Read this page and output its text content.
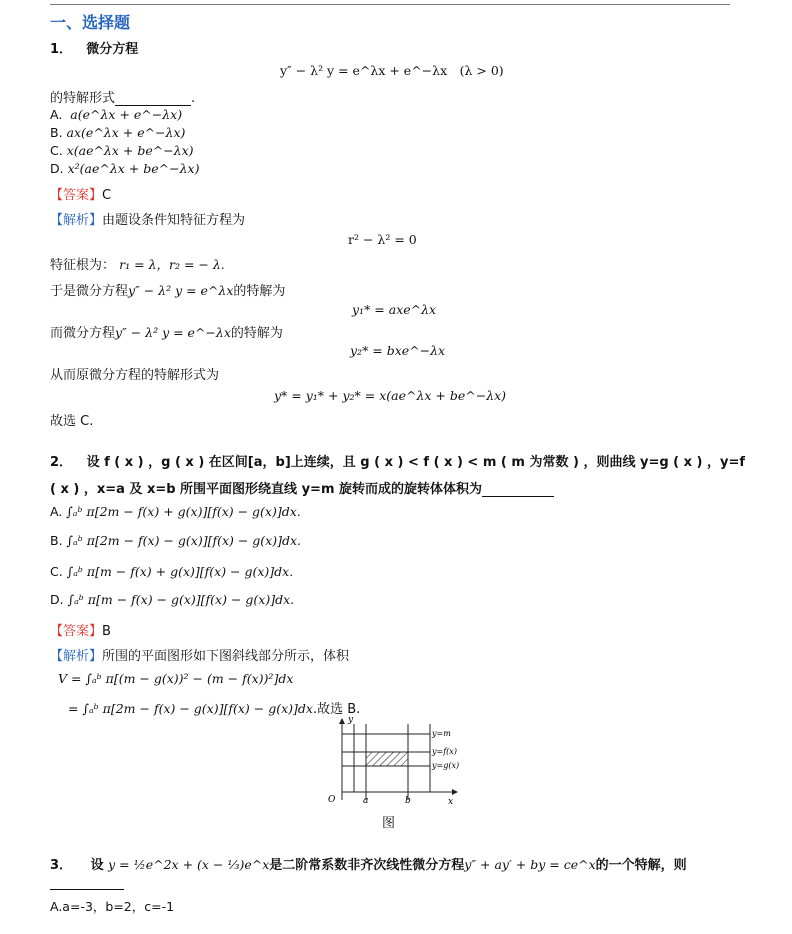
一、选择题
1． 微分方程
y″ − λ² y = e^λx + e^−λx　(λ > 0)
的特解形式	.
A. a(e^λx + e^−λx)
B. ax(e^λx + e^−λx)
C. x(ae^λx + be^−λx)
D. x²(ae^λx + be^−λx)
【答案】C
【解析】由题设条件知特征方程为
r² − λ² = 0
特征根为： r₁ = λ，r₂ = − λ.
于是微分方程y″ − λ² y = e^λx的特解为
y₁* = axe^λx
而微分方程y″ − λ² y = e^−λx的特解为
y₂* = bxe^−λx
从而原微分方程的特解形式为
y* = y₁* + y₂* = x(ae^λx + be^−λx)
故选 C.
2． 设 f ( x ) ，g ( x ) 在区间[a，b]上连续，且 g ( x ) < f ( x ) < m ( m 为常数 ) ，则曲线 y=g ( x ) ，y=f
( x ) ，x=a 及 x=b 所围平面图形绕直线 y=m 旋转而成的旋转体体积为
A. ∫ₐᵇ π[2m − f(x) + g(x)][f(x) − g(x)]dx.
B. ∫ₐᵇ π[2m − f(x) − g(x)][f(x) − g(x)]dx.
C. ∫ₐᵇ π[m − f(x) + g(x)][f(x) − g(x)]dx.
D. ∫ₐᵇ π[m − f(x) − g(x)][f(x) − g(x)]dx.
【答案】B
【解析】所围的平面图形如下图斜线部分所示，体积
V = ∫ₐᵇ π[(m − g(x))² − (m − f(x))²]dx
= ∫ₐᵇ π[2m − f(x) − g(x)][f(x) − g(x)]dx.故选 B.
y
x
O	a	b
y=m
y=f(x)
y=g(x)
图
3． 设 y = ½e^2x + (x − ⅓)e^x是二阶常系数非齐次线性微分方程y″ + ay′ + by = ce^x的一个特解，则
A.a=-3，b=2，c=-1
